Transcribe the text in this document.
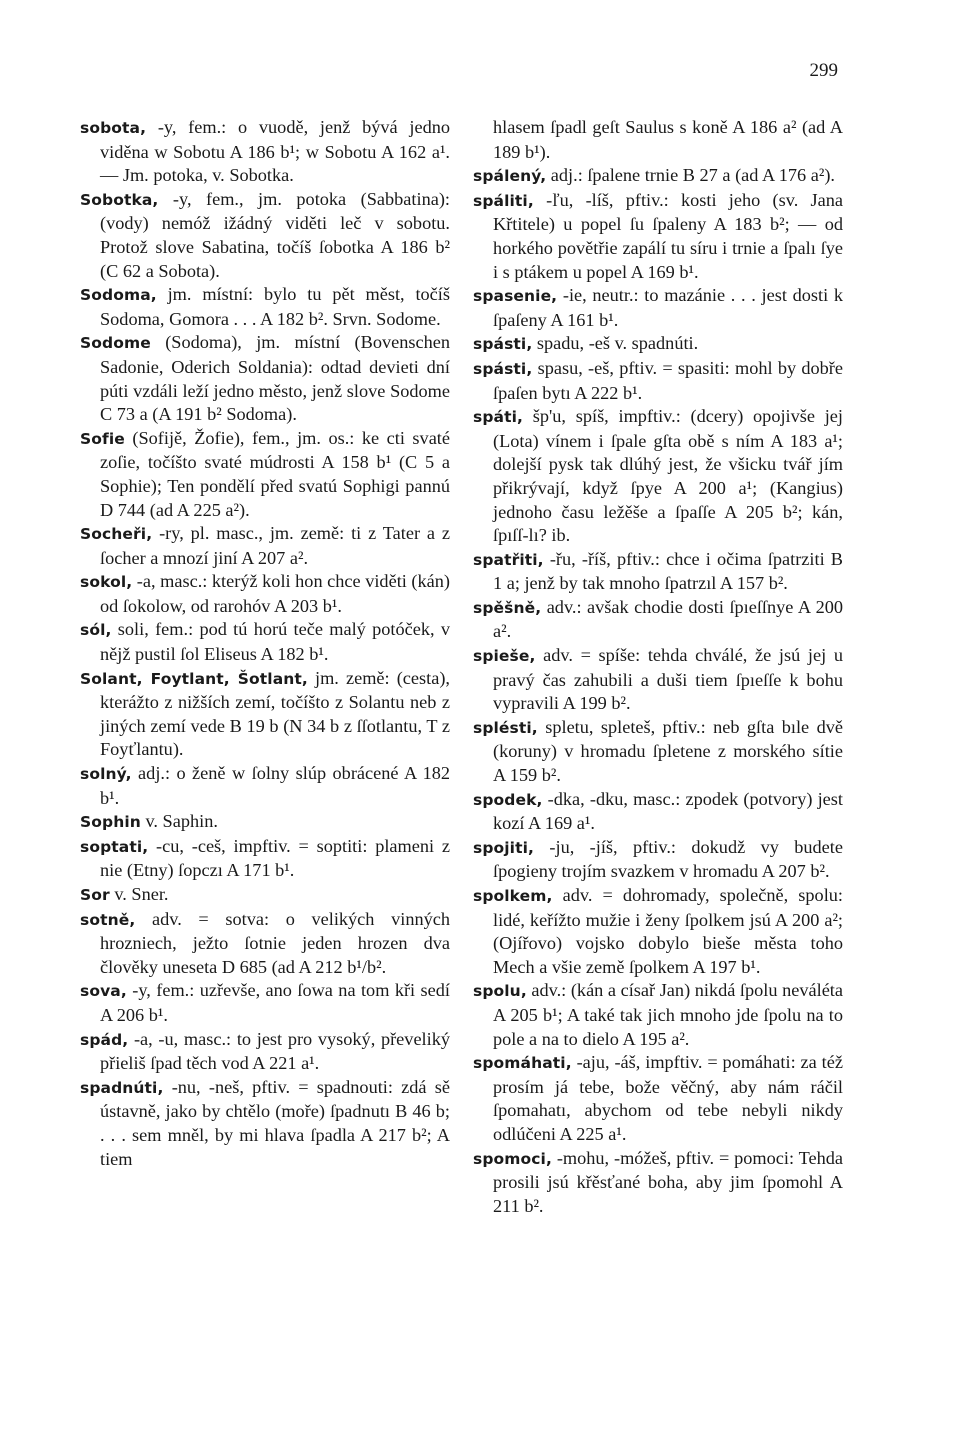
299

sobota, -y, fem.: o vuodě, jenž bývá jedno viděna w Sobotu A 186 b¹; w Sobotu A 162 a¹. — Jm. potoka, v. Sobotka.

Sobotka, -y, fem., jm. potoka (Sabbatina): (vody) nemóž ižádný viděti leč v sobotu. Protož slove Sabatina, točíš ſobotka A 186 b² (C 62 a Sobota).

Sodoma, jm. místní: bylo tu pět měst, točíš Sodoma, Gomora . . . A 182 b². Srvn. Sodome.

Sodome (Sodoma), jm. místní (Bovenschen Sadonie, Oderich Soldania): odtad devieti dní púti vzdáli leží jedno město, jenž slove Sodome C 73 a (A 191 b² Sodoma).

Sofie (Sofijě, Žofie), fem., jm. os.: ke cti svaté zoſie, točíšto svaté múdrosti A 158 b¹ (C 5 a Sophie); Ten pondělí před svatú Sophigi pannú D 744 (ad A 225 a²).

Socheři, -ry, pl. masc., jm. země: ti z Tater a z ſocher a mnozí jiní A 207 a².

sokol, -a, masc.: kterýž koli hon chce viděti (kán) od ſokolow, od rarohóv A 203 b¹.

sól, soli, fem.: pod tú horú teče malý potóček, v nějž pustil ſol Eliseus A 182 b¹.

Solant, Foytlant, Šotlant, jm. země: (cesta), kterážto z nižších zemí, točíšto z Solantu neb z jiných zemí vede B 19 b (N 34 b z ſſotlantu, T z Foyťlantu).

solný, adj.: o ženě w ſolny slúp obrácené A 182 b¹.

Sophin v. Saphin.

soptati, -cu, -ceš, impftiv. = soptiti: plameni z nie (Etny) ſopczı A 171 b¹.

Sor v. Sner.

sotně, adv. = sotva: o velikých vinných hrozniech, ježto ſotnie jeden hrozen dva člověky uneseta D 685 (ad A 212 b¹/b².

sova, -y, fem.: uzřevše, ano ſowa na tom kři sedí A 206 b¹.

spád, -a, -u, masc.: to jest pro vysoký, převeliký přieliš ſpad těch vod A 221 a¹.

spadnúti, -nu, -neš, pftiv. = spadnouti: zdá sě ústavně, jako by chtělo (moře) ſpadnutı B 46 b; . . . sem mněl, by mi hlava ſpadla A 217 b²; A tiem

hlasem ſpadl geſt Saulus s koně A 186 a² (ad A 189 b¹).

spálený, adj.: ſpalene trnie B 27 a (ad A 176 a²).

spáliti, -ľu, -líš, pftiv.: kosti jeho (sv. Jana Křtitele) u popel ſu ſpaleny A 183 b²; — od horkého povětřie zapálí tu síru i trnie a ſpalı ſye i s ptákem u popel A 169 b¹.

spasenie, -ie, neutr.: to mazánie . . . jest dosti k ſpaſeny A 161 b¹.

spásti, spadu, -eš v. spadnúti.

spásti, spasu, -eš, pftiv. = spasiti: mohl by dobře ſpaſen bytı A 222 b¹.

spáti, šp'u, spíš, impftiv.: (dcery) opojivše jej (Lota) vínem i ſpale gſta obě s ním A 183 a¹; dolejší pysk tak dlúhý jest, že všicku tvář jím přikrývají, když ſpye A 200 a¹; (Kangius) jednoho času ležěše a ſpaſſe A 205 b²; kán, ſpıſſ-lı? ib.

spatřiti, -řu, -říš, pftiv.: chce i očima ſpatrziti B 1 a; jenž by tak mnoho ſpatrzıl A 157 b².

spěšně, adv.: avšak chodie dosti ſpıeſſnye A 200 a².

spieše, adv. = spíše: tehda chválé, že jsú jej u pravý čas zahubili a duši tiem ſpıeſſe k bohu vypravili A 199 b².

splésti, spletu, spleteš, pftiv.: neb gſta bıle dvě (koruny) v hromadu ſpletene z morského sítie A 159 b².

spodek, -dka, -dku, masc.: zpodek (potvory) jest kozí A 169 a¹.

spojiti, -ju, -jíš, pftiv.: dokudž vy budete ſpogieny trojím svazkem v hromadu A 207 b².

spolkem, adv. = dohromady, společně, spolu: lidé, keřížto mužie i ženy ſpolkem jsú A 200 a²; (Ojířovo) vojsko dobylo bieše města toho Mech a všie země ſpolkem A 197 b¹.

spolu, adv.: (kán a císař Jan) nikdá ſpolu neváléta A 205 b¹; A také tak jich mnoho jde ſpolu na to pole a na to dielo A 195 a².

spomáhati, -aju, -áš, impftiv. = pomáhati: za též prosím já tebe, bože věčný, aby nám ráčil ſpomahatı, abychom od tebe nebyli nikdy odlúčeni A 225 a¹.

spomoci, -mohu, -móžeš, pftiv. = pomoci: Tehda prosili jsú křěsťané boha, aby jim ſpomohl A 211 b².
